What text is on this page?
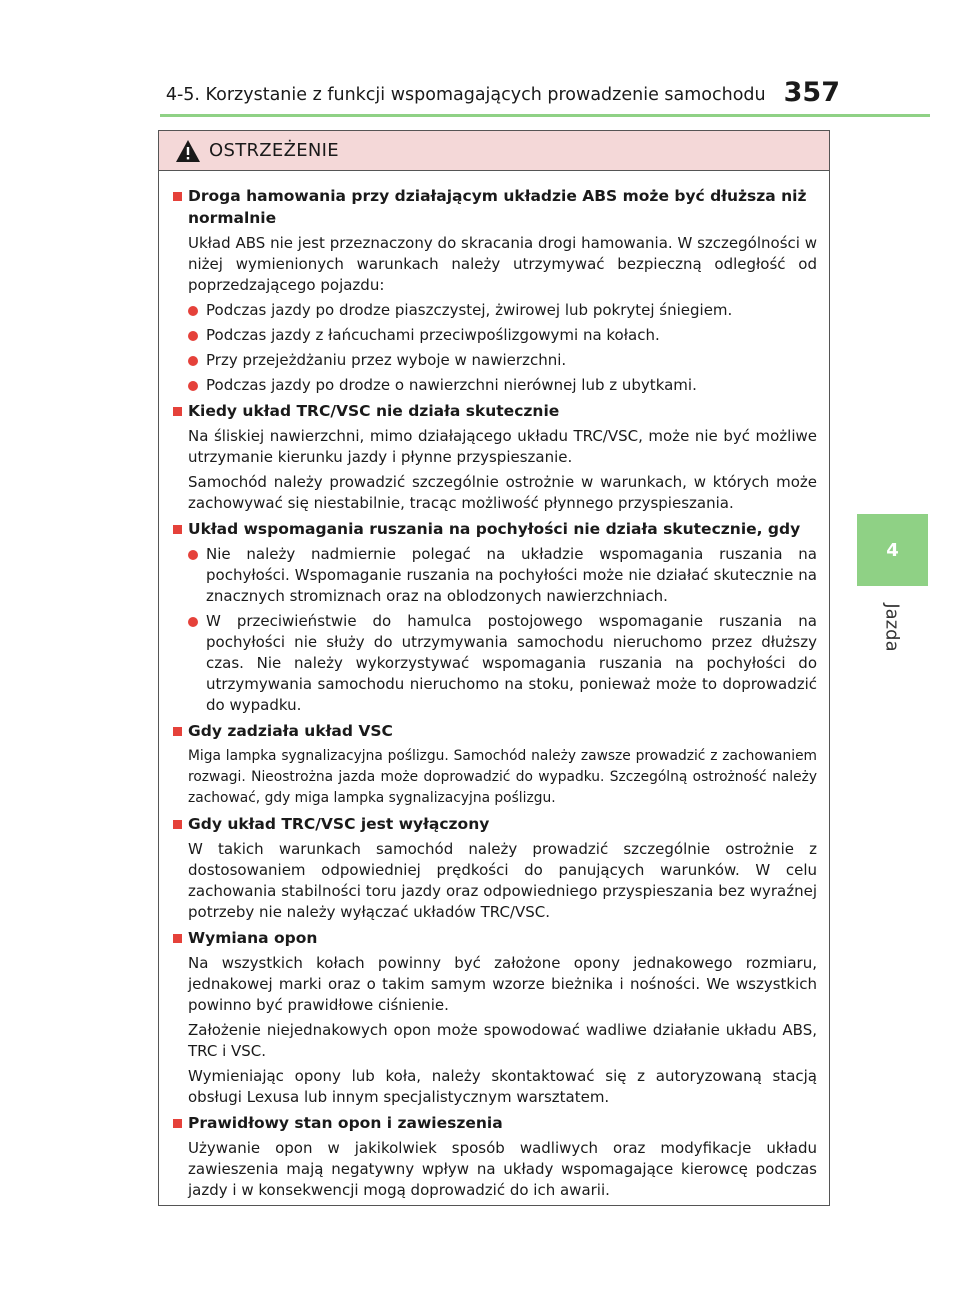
4-5. Korzystanie z funkcji wspomagających prowadzenie samochodu 357
4
Jazda
OSTRZEŻENIE
Droga hamowania przy działającym układzie ABS może być dłuższa niż normalnie

Układ ABS nie jest przeznaczony do skracania drogi hamowania. W szczególności w niżej wymienionych warunkach należy utrzymywać bezpieczną odległość od poprzedzającego pojazdu:

Podczas jazdy po drodze piaszczystej, żwirowej lub pokrytej śniegiem.
Podczas jazdy z łańcuchami przeciwpoślizgowymi na kołach.
Przy przejeżdżaniu przez wyboje w nawierzchni.
Podczas jazdy po drodze o nawierzchni nierównej lub z ubytkami.
Kiedy układ TRC/VSC nie działa skutecznie

Na śliskiej nawierzchni, mimo działającego układu TRC/VSC, może nie być możliwe utrzymanie kierunku jazdy i płynne przyspieszanie.

Samochód należy prowadzić szczególnie ostrożnie w warunkach, w których może zachowywać się niestabilnie, tracąc możliwość płynnego przyspieszania.

Układ wspomagania ruszania na pochyłości nie działa skutecznie, gdy
Nie należy nadmiernie polegać na układzie wspomagania ruszania na pochyłości. Wspomaganie ruszania na pochyłości może nie działać skutecznie na znacznych stromiznach oraz na oblodzonych nawierzchniach.
W przeciwieństwie do hamulca postojowego wspomaganie ruszania na pochyłości nie służy do utrzymywania samochodu nieruchomo przez dłuższy czas. Nie należy wykorzystywać wspomagania ruszania na pochyłości do utrzymywania samochodu nieruchomo na stoku, ponieważ może to doprowadzić do wypadku.
Gdy zadziała układ VSC

Miga lampka sygnalizacyjna poślizgu. Samochód należy zawsze prowadzić z zachowaniem rozwagi. Nieostrożna jazda może doprowadzić do wypadku. Szczególną ostrożność należy zachować, gdy miga lampka sygnalizacyjna poślizgu.

Gdy układ TRC/VSC jest wyłączony

W takich warunkach samochód należy prowadzić szczególnie ostrożnie z dostosowaniem odpowiedniej prędkości do panujących warunków. W celu zachowania stabilności toru jazdy oraz odpowiedniego przyspieszania bez wyraźnej potrzeby nie należy wyłączać układów TRC/VSC.

Wymiana opon

Na wszystkich kołach powinny być założone opony jednakowego rozmiaru, jednakowej marki oraz o takim samym wzorze bieżnika i nośności. We wszystkich powinno być prawidłowe ciśnienie.

Założenie niejednakowych opon może spowodować wadliwe działanie układu ABS, TRC i VSC.

Wymieniając opony lub koła, należy skontaktować się z autoryzowaną stacją obsługi Lexusa lub innym specjalistycznym warsztatem.

Prawidłowy stan opon i zawieszenia

Używanie opon w jakikolwiek sposób wadliwych oraz modyfikacje układu zawieszenia mają negatywny wpływ na układy wspomagające kierowcę podczas jazdy i w konsekwencji mogą doprowadzić do ich awarii.
